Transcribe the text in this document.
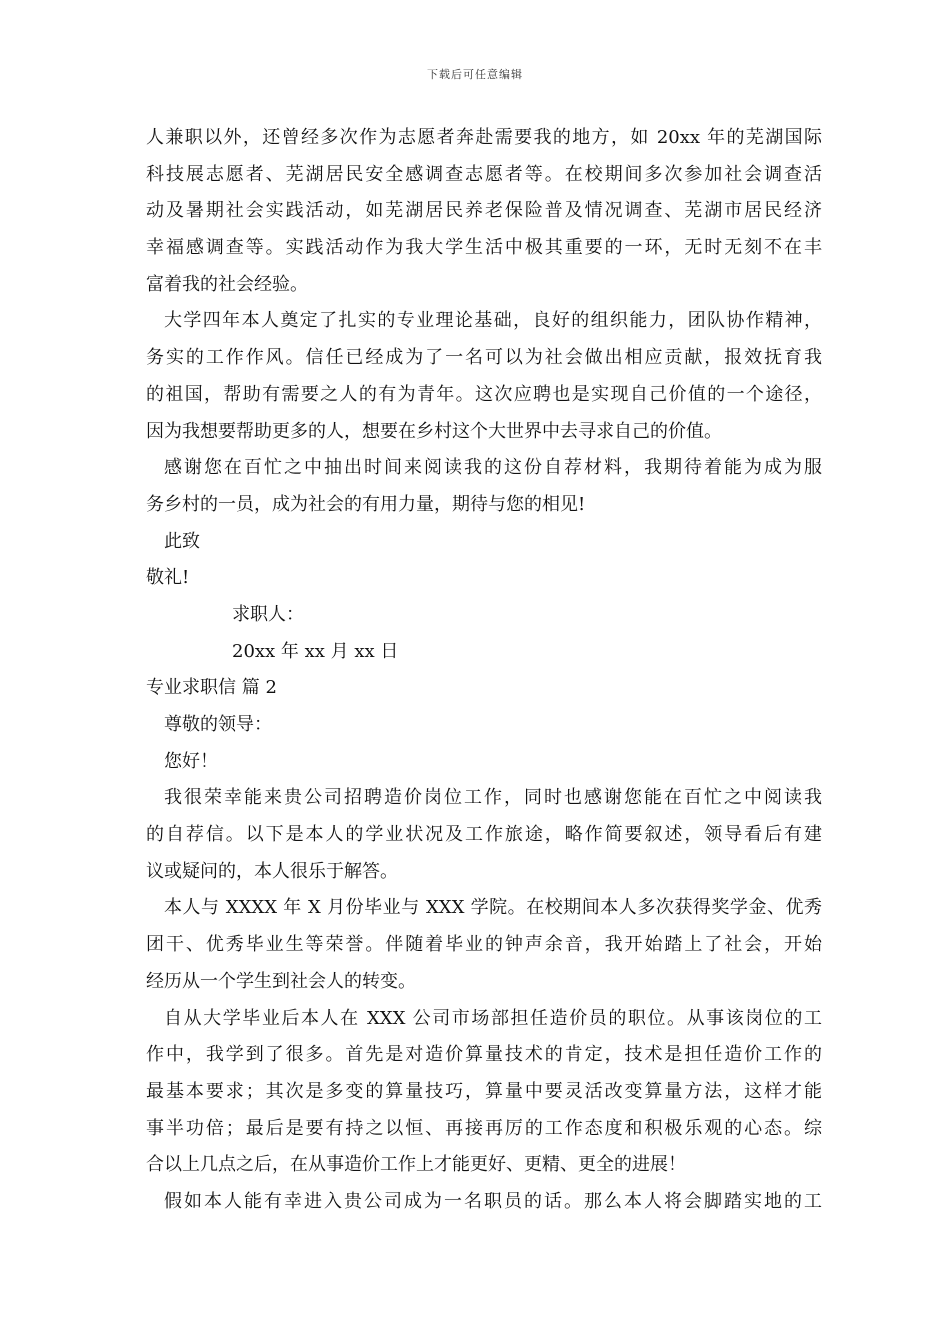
下载后可任意编辑
人兼职以外，还曾经多次作为志愿者奔赴需要我的地方，如 20xx 年的芜湖国际
科技展志愿者、芜湖居民安全感调查志愿者等。在校期间多次参加社会调查活
动及暑期社会实践活动，如芜湖居民养老保险普及情况调查、芜湖市居民经济
幸福感调查等。实践活动作为我大学生活中极其重要的一环，无时无刻不在丰
富着我的社会经验。
大学四年本人奠定了扎实的专业理论基础，良好的组织能力，团队协作精神，
务实的工作作风。信任已经成为了一名可以为社会做出相应贡献，报效抚育我
的祖国，帮助有需要之人的有为青年。这次应聘也是实现自己价值的一个途径，
因为我想要帮助更多的人，想要在乡村这个大世界中去寻求自己的价值。
感谢您在百忙之中抽出时间来阅读我的这份自荐材料，我期待着能为成为服
务乡村的一员，成为社会的有用力量，期待与您的相见!
此致
敬礼!
求职人：
20xx 年 xx 月 xx 日
专业求职信 篇 2
尊敬的领导：
您好！
我很荣幸能来贵公司招聘造价岗位工作，同时也感谢您能在百忙之中阅读我
的自荐信。以下是本人的学业状况及工作旅途，略作简要叙述，领导看后有建
议或疑问的，本人很乐于解答。
本人与 XXXX 年 X 月份毕业与 XXX 学院。在校期间本人多次获得奖学金、优秀
团干、优秀毕业生等荣誉。伴随着毕业的钟声余音，我开始踏上了社会，开始
经历从一个学生到社会人的转变。
自从大学毕业后本人在 XXX 公司市场部担任造价员的职位。从事该岗位的工
作中，我学到了很多。首先是对造价算量技术的肯定，技术是担任造价工作的
最基本要求；其次是多变的算量技巧，算量中要灵活改变算量方法，这样才能
事半功倍；最后是要有持之以恒、再接再厉的工作态度和积极乐观的心态。综
合以上几点之后，在从事造价工作上才能更好、更精、更全的进展！
假如本人能有幸进入贵公司成为一名职员的话。那么本人将会脚踏实地的工
